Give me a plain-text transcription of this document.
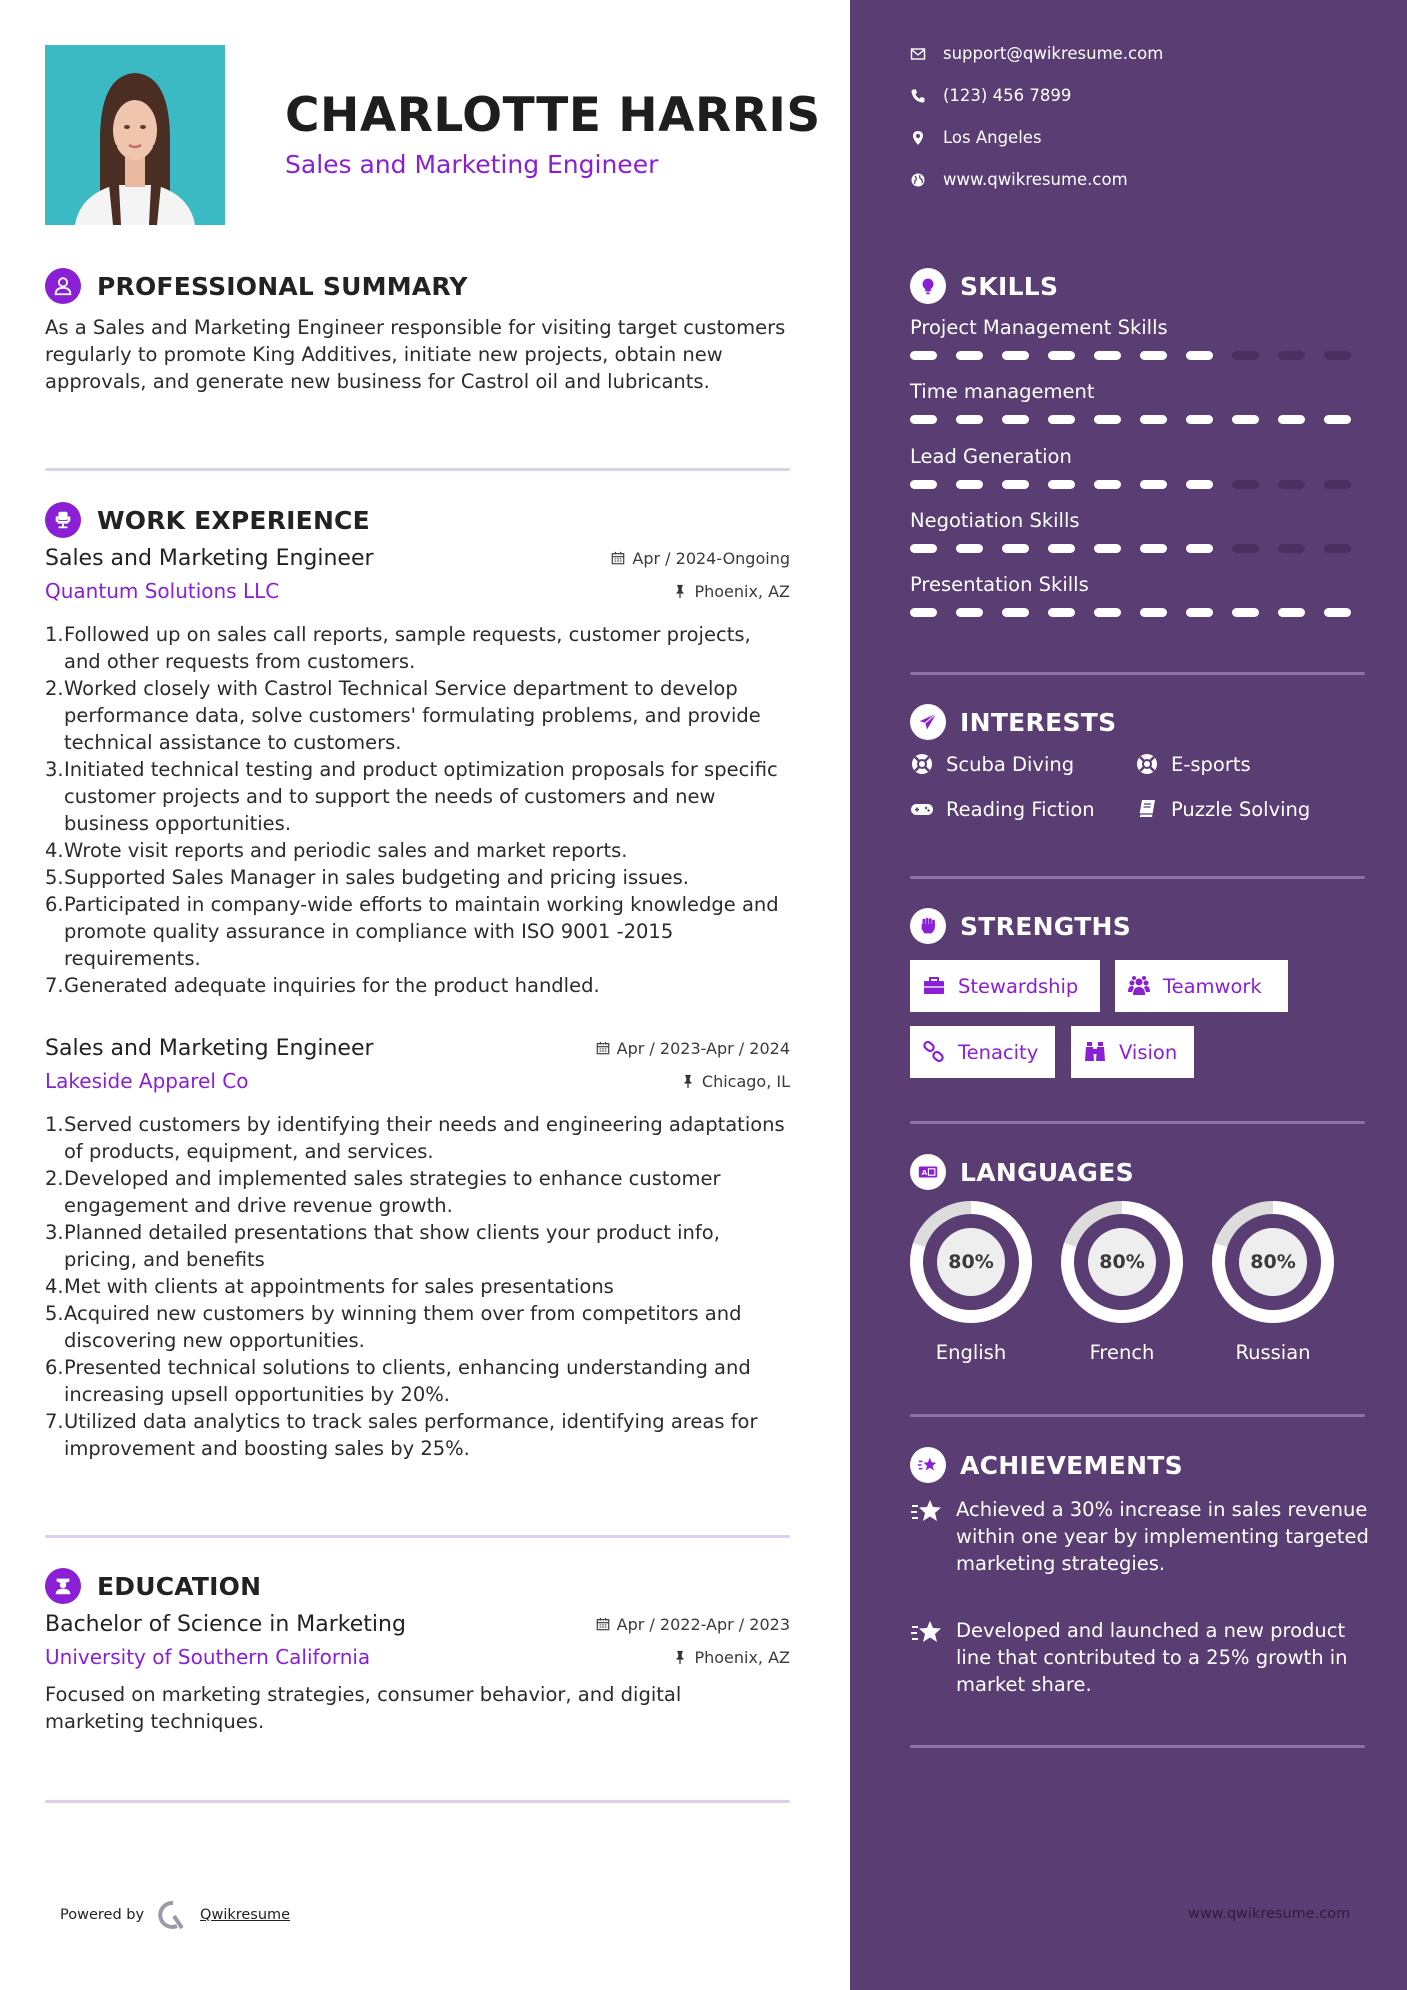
CHARLOTTE HARRIS
Sales and Marketing Engineer
PROFESSIONAL SUMMARY
As a Sales and Marketing Engineer responsible for visiting target customers regularly to promote King Additives, initiate new projects, obtain new approvals, and generate new business for Castrol oil and lubricants.
WORK EXPERIENCE
Sales and Marketing Engineer	Apr / 2024-Ongoing
Quantum Solutions LLC	Phoenix, AZ
1. Followed up on sales call reports, sample requests, customer projects, and other requests from customers.
2. Worked closely with Castrol Technical Service department to develop performance data, solve customers' formulating problems, and provide technical assistance to customers.
3. Initiated technical testing and product optimization proposals for specific customer projects and to support the needs of customers and new business opportunities.
4. Wrote visit reports and periodic sales and market reports.
5. Supported Sales Manager in sales budgeting and pricing issues.
6. Participated in company-wide efforts to maintain working knowledge and promote quality assurance in compliance with ISO 9001 -2015 requirements.
7. Generated adequate inquiries for the product handled.
Sales and Marketing Engineer	Apr / 2023-Apr / 2024
Lakeside Apparel Co	Chicago, IL
1. Served customers by identifying their needs and engineering adaptations of products, equipment, and services.
2. Developed and implemented sales strategies to enhance customer engagement and drive revenue growth.
3. Planned detailed presentations that show clients your product info, pricing, and benefits
4. Met with clients at appointments for sales presentations
5. Acquired new customers by winning them over from competitors and discovering new opportunities.
6. Presented technical solutions to clients, enhancing understanding and increasing upsell opportunities by 20%.
7. Utilized data analytics to track sales performance, identifying areas for improvement and boosting sales by 25%.
EDUCATION
Bachelor of Science in Marketing	Apr / 2022-Apr / 2023
University of Southern California	Phoenix, AZ
Focused on marketing strategies, consumer behavior, and digital marketing techniques.
Powered by	Qwikresume
support@qwikresume.com
(123) 456 7899
Los Angeles
www.qwikresume.com
SKILLS
Project Management Skills
Time management
Lead Generation
Negotiation Skills
Presentation Skills
INTERESTS
Scuba Diving	E-sports
Reading Fiction	Puzzle Solving
STRENGTHS
Stewardship	Teamwork
Tenacity	Vision
A LANGUAGES
80%
English
80%
French
80%
Russian
ACHIEVEMENTS
Achieved a 30% increase in sales revenue within one year by implementing targeted marketing strategies.
Developed and launched a new product line that contributed to a 25% growth in market share.
www.qwikresume.com
